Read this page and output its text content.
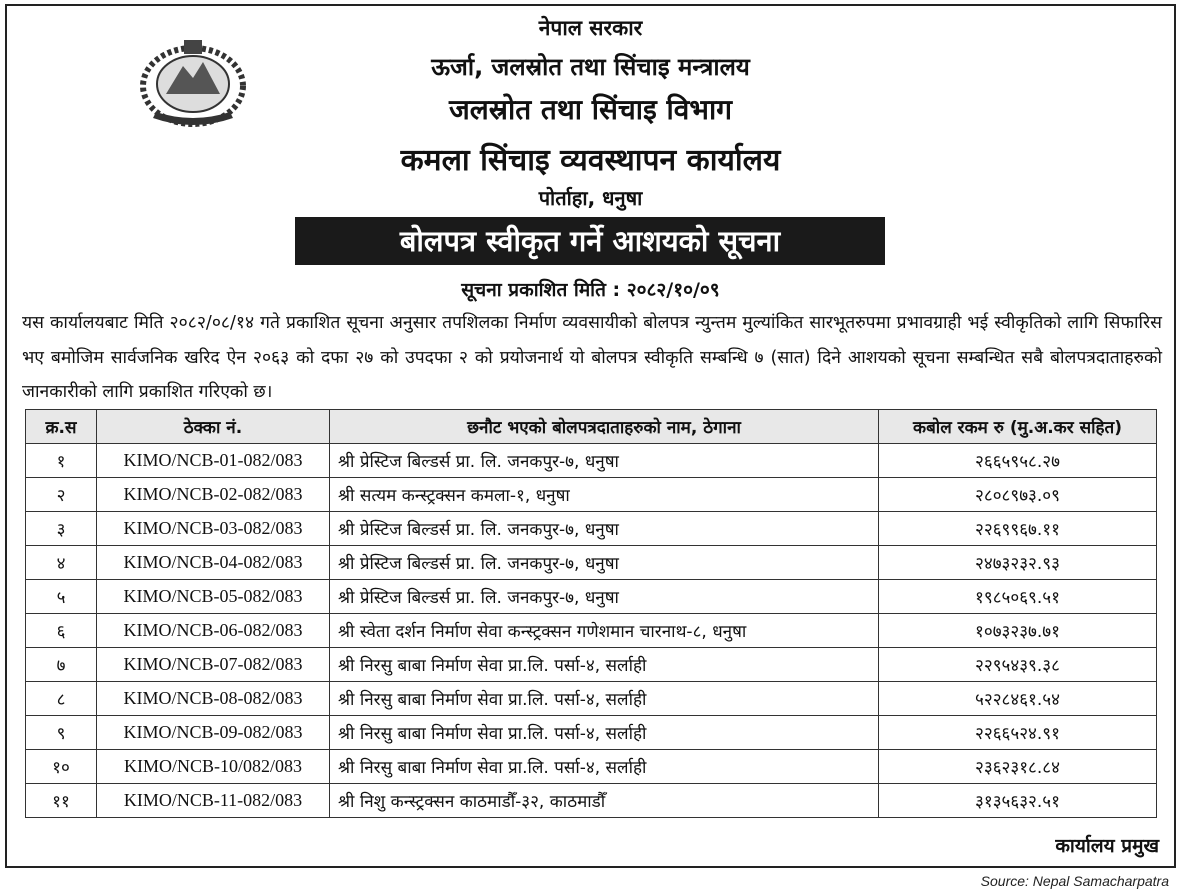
नेपाल सरकार
ऊर्जा, जलस्रोत तथा सिंचाइ मन्त्रालय
जलस्रोत तथा सिंचाइ विभाग
कमला सिंचाइ व्यवस्थापन कार्यालय
पोर्ताहा, धनुषा
बोलपत्र स्वीकृत गर्ने आशयको सूचना
सूचना प्रकाशित मिति : २०८२/१०/०९
यस कार्यालयबाट मिति २०८२/०८/१४ गते प्रकाशित सूचना अनुसार तपशिलका निर्माण व्यवसायीको बोलपत्र न्युन्तम मुल्यांकित सारभूतरुपमा प्रभावग्राही भई स्वीकृतिको लागि सिफारिस भए बमोजिम सार्वजनिक खरिद ऐन २०६३ को दफा २७ को उपदफा २ को प्रयोजनार्थ यो बोलपत्र स्वीकृति सम्बन्धि ७ (सात) दिने आशयको सूचना सम्बन्धित सबै बोलपत्रदाताहरुको जानकारीको लागि प्रकाशित गरिएको छ।
क्र.स	ठेक्का नं.	छनौट भएको बोलपत्रदाताहरुको नाम, ठेगाना	कबोल रकम रु (मु.अ.कर सहित)
१	KIMO/NCB-01-082/083	श्री प्रेस्टिज बिल्डर्स प्रा. लि. जनकपुर-७, धनुषा	२६६५९५८.२७
२	KIMO/NCB-02-082/083	श्री सत्यम कन्स्ट्रक्सन कमला-१, धनुषा	२८०८९७३.०९
३	KIMO/NCB-03-082/083	श्री प्रेस्टिज बिल्डर्स प्रा. लि. जनकपुर-७, धनुषा	२२६९९६७.११
४	KIMO/NCB-04-082/083	श्री प्रेस्टिज बिल्डर्स प्रा. लि. जनकपुर-७, धनुषा	२४७३२३२.९३
५	KIMO/NCB-05-082/083	श्री प्रेस्टिज बिल्डर्स प्रा. लि. जनकपुर-७, धनुषा	१९८५०६९.५१
६	KIMO/NCB-06-082/083	श्री स्वेता दर्शन निर्माण सेवा कन्स्ट्रक्सन गणेशमान चारनाथ-८, धनुषा	१०७३२३७.७१
७	KIMO/NCB-07-082/083	श्री निरसु बाबा निर्माण सेवा प्रा.लि. पर्सा-४, सर्लाही	२२९५४३९.३८
८	KIMO/NCB-08-082/083	श्री निरसु बाबा निर्माण सेवा प्रा.लि. पर्सा-४, सर्लाही	५२२८४६१.५४
९	KIMO/NCB-09-082/083	श्री निरसु बाबा निर्माण सेवा प्रा.लि. पर्सा-४, सर्लाही	२२६६५२४.९१
१०	KIMO/NCB-10/082/083	श्री निरसु बाबा निर्माण सेवा प्रा.लि. पर्सा-४, सर्लाही	२३६२३१८.८४
११	KIMO/NCB-11-082/083	श्री निशु कन्स्ट्रक्सन काठमाडौँ-३२, काठमाडौँ	३१३५६३२.५१
कार्यालय प्रमुख
Source: Nepal Samacharpatra
